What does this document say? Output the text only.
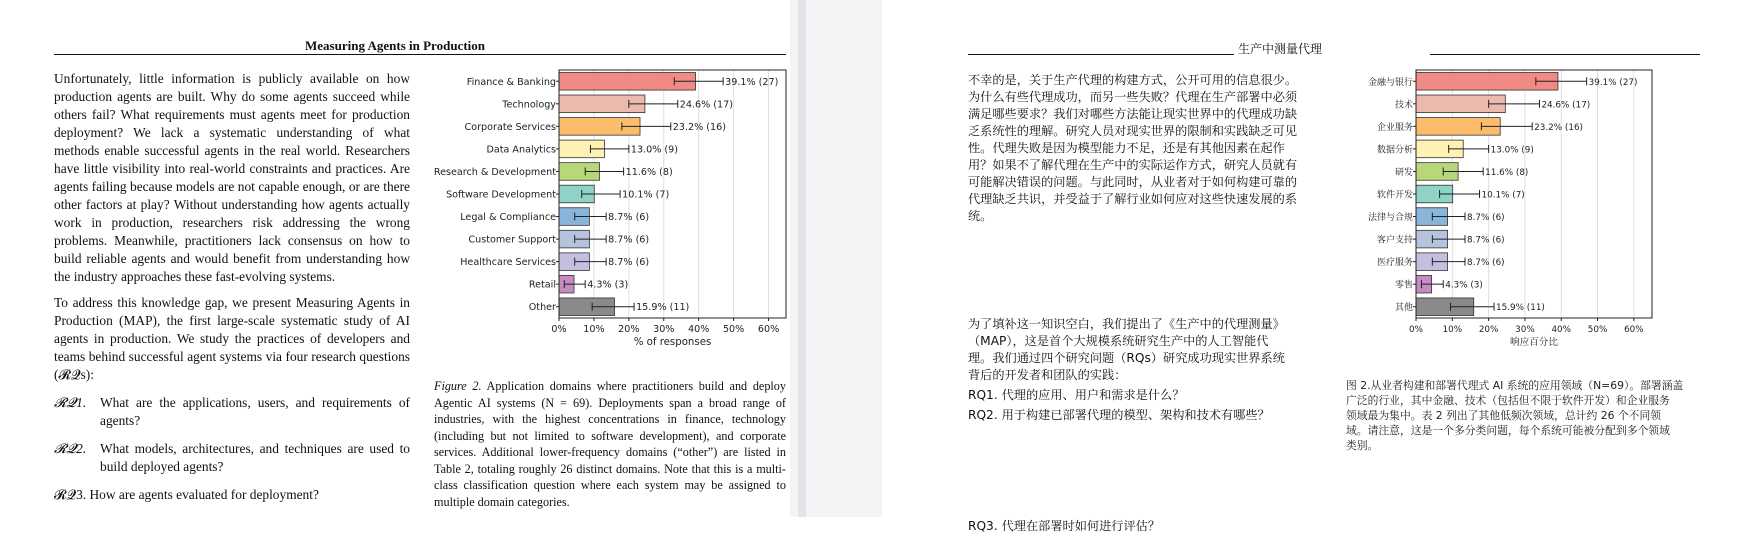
Measuring Agents in Production

Unfortunately, little information is publicly available on how production agents are built. Why do some agents succeed while others fail? What requirements must agents meet for production deployment? We lack a systematic understanding of what methods enable successful agents in the real world. Researchers have little visibility into real-world constraints and practices. Are agents failing because models are not capable enough, or are there other factors at play? Without understanding how agents actually work in production, researchers risk addressing the wrong problems. Meanwhile, practitioners lack consensus on how to build reliable agents and would benefit from understanding how the industry approaches these fast-evolving systems.

To address this knowledge gap, we present Measuring Agents in Production (MAP), the first large-scale systematic study of AI agents in production. We study the practices of developers and teams behind successful agent systems via four research questions (𝓡𝓠s):

𝓡𝓠1.	What are the applications, users, and requirements of agents?
𝓡𝓠2.	What models, architectures, and techniques are used to build deployed agents?
𝓡𝓠3. How are agents evaluated for deployment?
Finance & Banking	39.1% (27)
Technology	24.6% (17)
Corporate Services	23.2% (16)
Data Analytics	13.0% (9)
Research & Development	11.6% (8)
Software Development	10.1% (7)
Legal & Compliance	8.7% (6)
Customer Support	8.7% (6)
Healthcare Services	8.7% (6)
Retail	4.3% (3)
Other	15.9% (11)
0% 10% 20% 30% 40% 50% 60%
% of responses
Figure 2. Application domains where practitioners build and deploy Agentic AI systems (N = 69). Deployments span a broad range of industries, with the highest concentrations in finance, technology (including but not limited to software development), and corporate services. Additional lower-frequency domains (“other”) are listed in Table 2, totaling roughly 26 distinct domains. Note that this is a multi-class classification question where each system may be assigned to multiple domain categories.
生产中测量代理

不幸的是，关于生产代理的构建方式，公开可用的信息很少。

为什么有些代理成功，而另一些失败？代理在生产部署中必须

满足哪些要求？我们对哪些方法能让现实世界中的代理成功缺

乏系统性的理解。研究人员对现实世界的限制和实践缺乏可见

性。代理失败是因为模型能力不足，还是有其他因素在起作

用？如果不了解代理在生产中的实际运作方式，研究人员就有

可能解决错误的问题。与此同时，从业者对于如何构建可靠的

代理缺乏共识，并受益于了解行业如何应对这些快速发展的系

统。

为了填补这一知识空白，我们提出了《生产中的代理测量》

（MAP），这是首个大规模系统研究生产中的人工智能代

理。我们通过四个研究问题（RQs）研究成功现实世界系统

背后的开发者和团队的实践：

RQ1. 代理的应用、用户和需求是什么？

RQ2. 用于构建已部署代理的模型、架构和技术有哪些？

RQ3. 代理在部署时如何进行评估？

金融与银行	39.1% (27)
技术	24.6% (17)
企业服务	23.2% (16)
数据分析	13.0% (9)
研发	11.6% (8)
软件开发	10.1% (7)
法律与合规	8.7% (6)
客户支持	8.7% (6)
医疗服务	8.7% (6)
零售	4.3% (3)
其他	15.9% (11)
0% 10% 20% 30% 40% 50% 60%
响应百分比
图 2.从业者构建和部署代理式 AI 系统的应用领域（N=69）。部署涵盖
广泛的行业，其中金融、技术（包括但不限于软件开发）和企业服务
领域最为集中。表 2 列出了其他低频次领域，总计约 26 个不同领
域。请注意，这是一个多分类问题，每个系统可能被分配到多个领域
类别。
